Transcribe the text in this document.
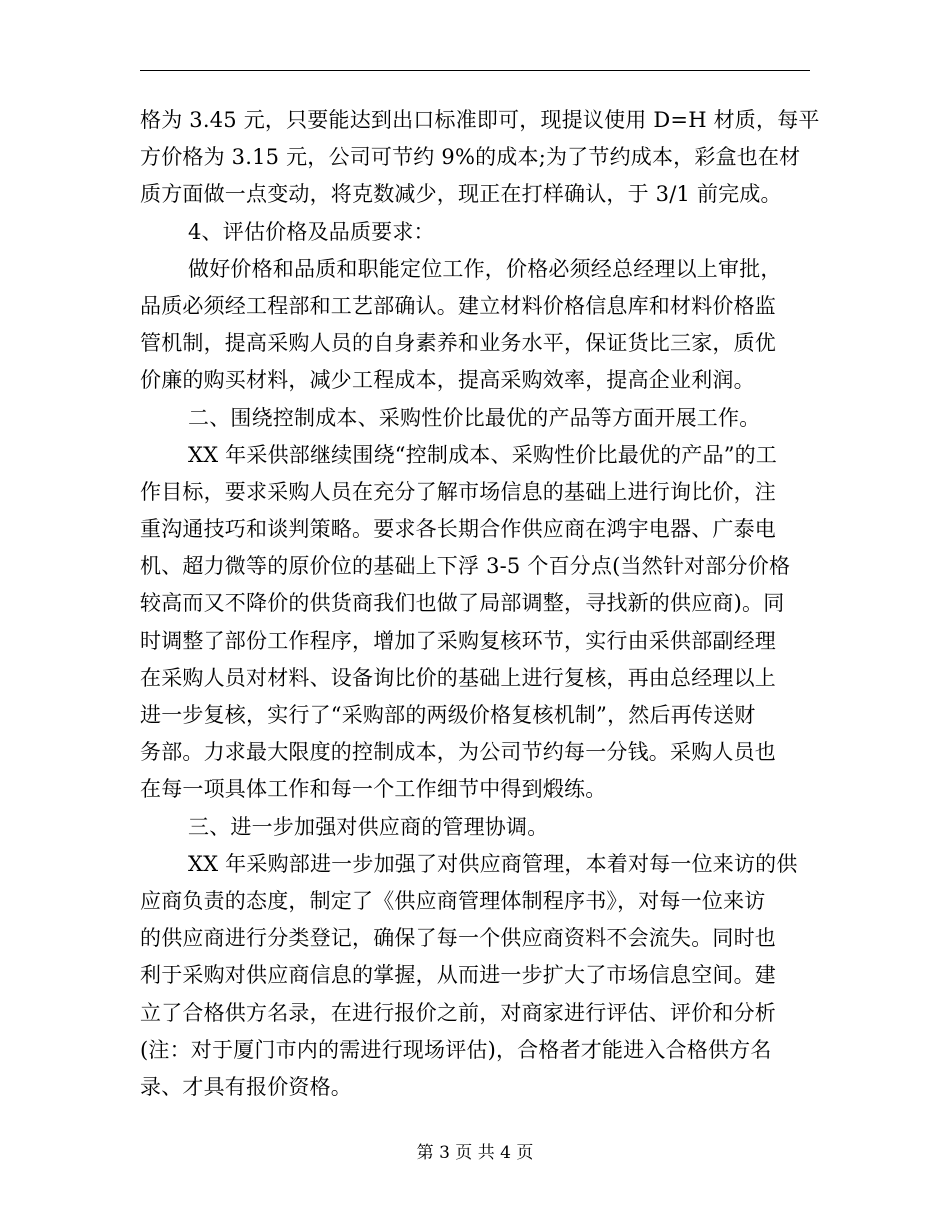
格为 3.45 元，只要能达到出口标准即可，现提议使用 D=H 材质，每平
方价格为 3.15 元，公司可节约 9%的成本;为了节约成本，彩盒也在材
质方面做一点变动，将克数减少，现正在打样确认，于 3/1 前完成。
4、评估价格及品质要求：
做好价格和品质和职能定位工作，价格必须经总经理以上审批，
品质必须经工程部和工艺部确认。建立材料价格信息库和材料价格监
管机制，提高采购人员的自身素养和业务水平，保证货比三家，质优
价廉的购买材料，减少工程成本，提高采购效率，提高企业利润。
二、围绕控制成本、采购性价比最优的产品等方面开展工作。
XX 年采供部继续围绕“控制成本、采购性价比最优的产品”的工
作目标，要求采购人员在充分了解市场信息的基础上进行询比价，注
重沟通技巧和谈判策略。要求各长期合作供应商在鸿宇电器、广泰电
机、超力微等的原价位的基础上下浮 3-5 个百分点(当然针对部分价格
较高而又不降价的供货商我们也做了局部调整，寻找新的供应商)。同
时调整了部份工作程序，增加了采购复核环节，实行由采供部副经理
在采购人员对材料、设备询比价的基础上进行复核，再由总经理以上
进一步复核，实行了“采购部的两级价格复核机制”，然后再传送财
务部。力求最大限度的控制成本，为公司节约每一分钱。采购人员也
在每一项具体工作和每一个工作细节中得到煅练。
三、进一步加强对供应商的管理协调。
XX 年采购部进一步加强了对供应商管理，本着对每一位来访的供
应商负责的态度，制定了《供应商管理体制程序书》，对每一位来访
的供应商进行分类登记，确保了每一个供应商资料不会流失。同时也
利于采购对供应商信息的掌握，从而进一步扩大了市场信息空间。建
立了合格供方名录，在进行报价之前，对商家进行评估、评价和分析
(注：对于厦门市内的需进行现场评估)，合格者才能进入合格供方名
录、才具有报价资格。
第 3 页 共 4 页
